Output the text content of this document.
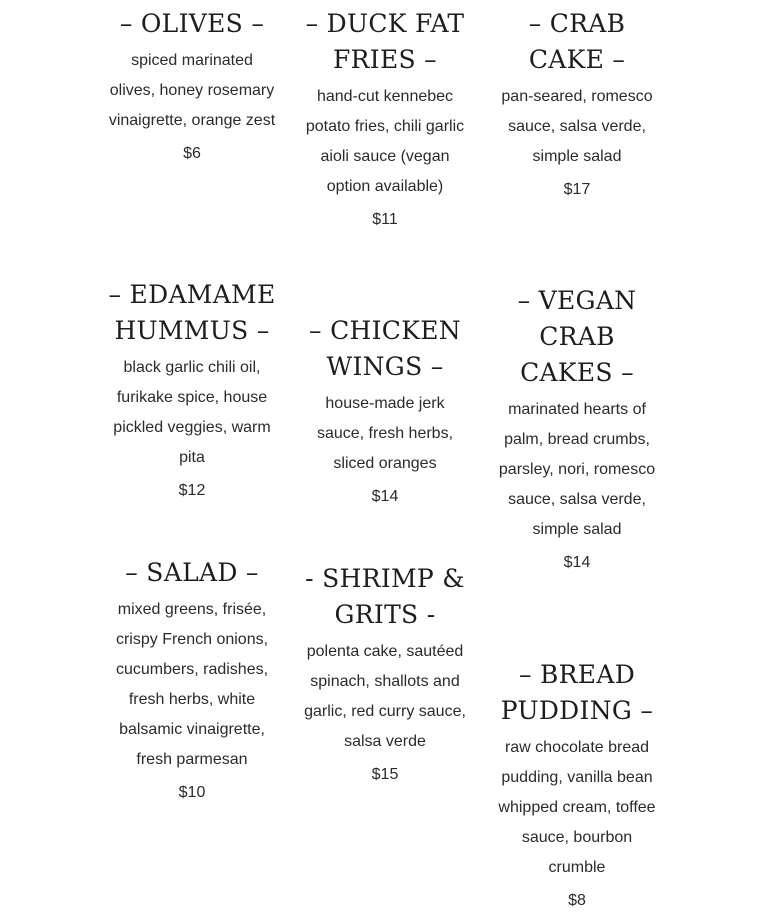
– OLIVES –

spiced marinated olives, honey rosemary vinaigrette, orange zest

$6

– EDAMAME HUMMUS –

black garlic chili oil, furikake spice, house pickled veggies, warm pita

$12

– SALAD –

mixed greens, frisée, crispy French onions, cucumbers, radishes, fresh herbs, white balsamic vinaigrette, fresh parmesan

$10

– DUCK FAT FRIES –

hand-cut kennebec potato fries, chili garlic aioli sauce (vegan option available)

$11

– CHICKEN WINGS –

house-made jerk sauce, fresh herbs, sliced oranges

$14

- SHRIMP & GRITS -

polenta cake, sautéed spinach, shallots and garlic, red curry sauce, salsa verde

$15

– CRAB CAKE –

pan-seared, romesco sauce, salsa verde, simple salad

$17

– VEGAN CRAB CAKES –

marinated hearts of palm, bread crumbs, parsley, nori, romesco sauce, salsa verde, simple salad

$14

– BREAD PUDDING –

raw chocolate bread pudding, vanilla bean whipped cream, toffee sauce, bourbon crumble

$8
